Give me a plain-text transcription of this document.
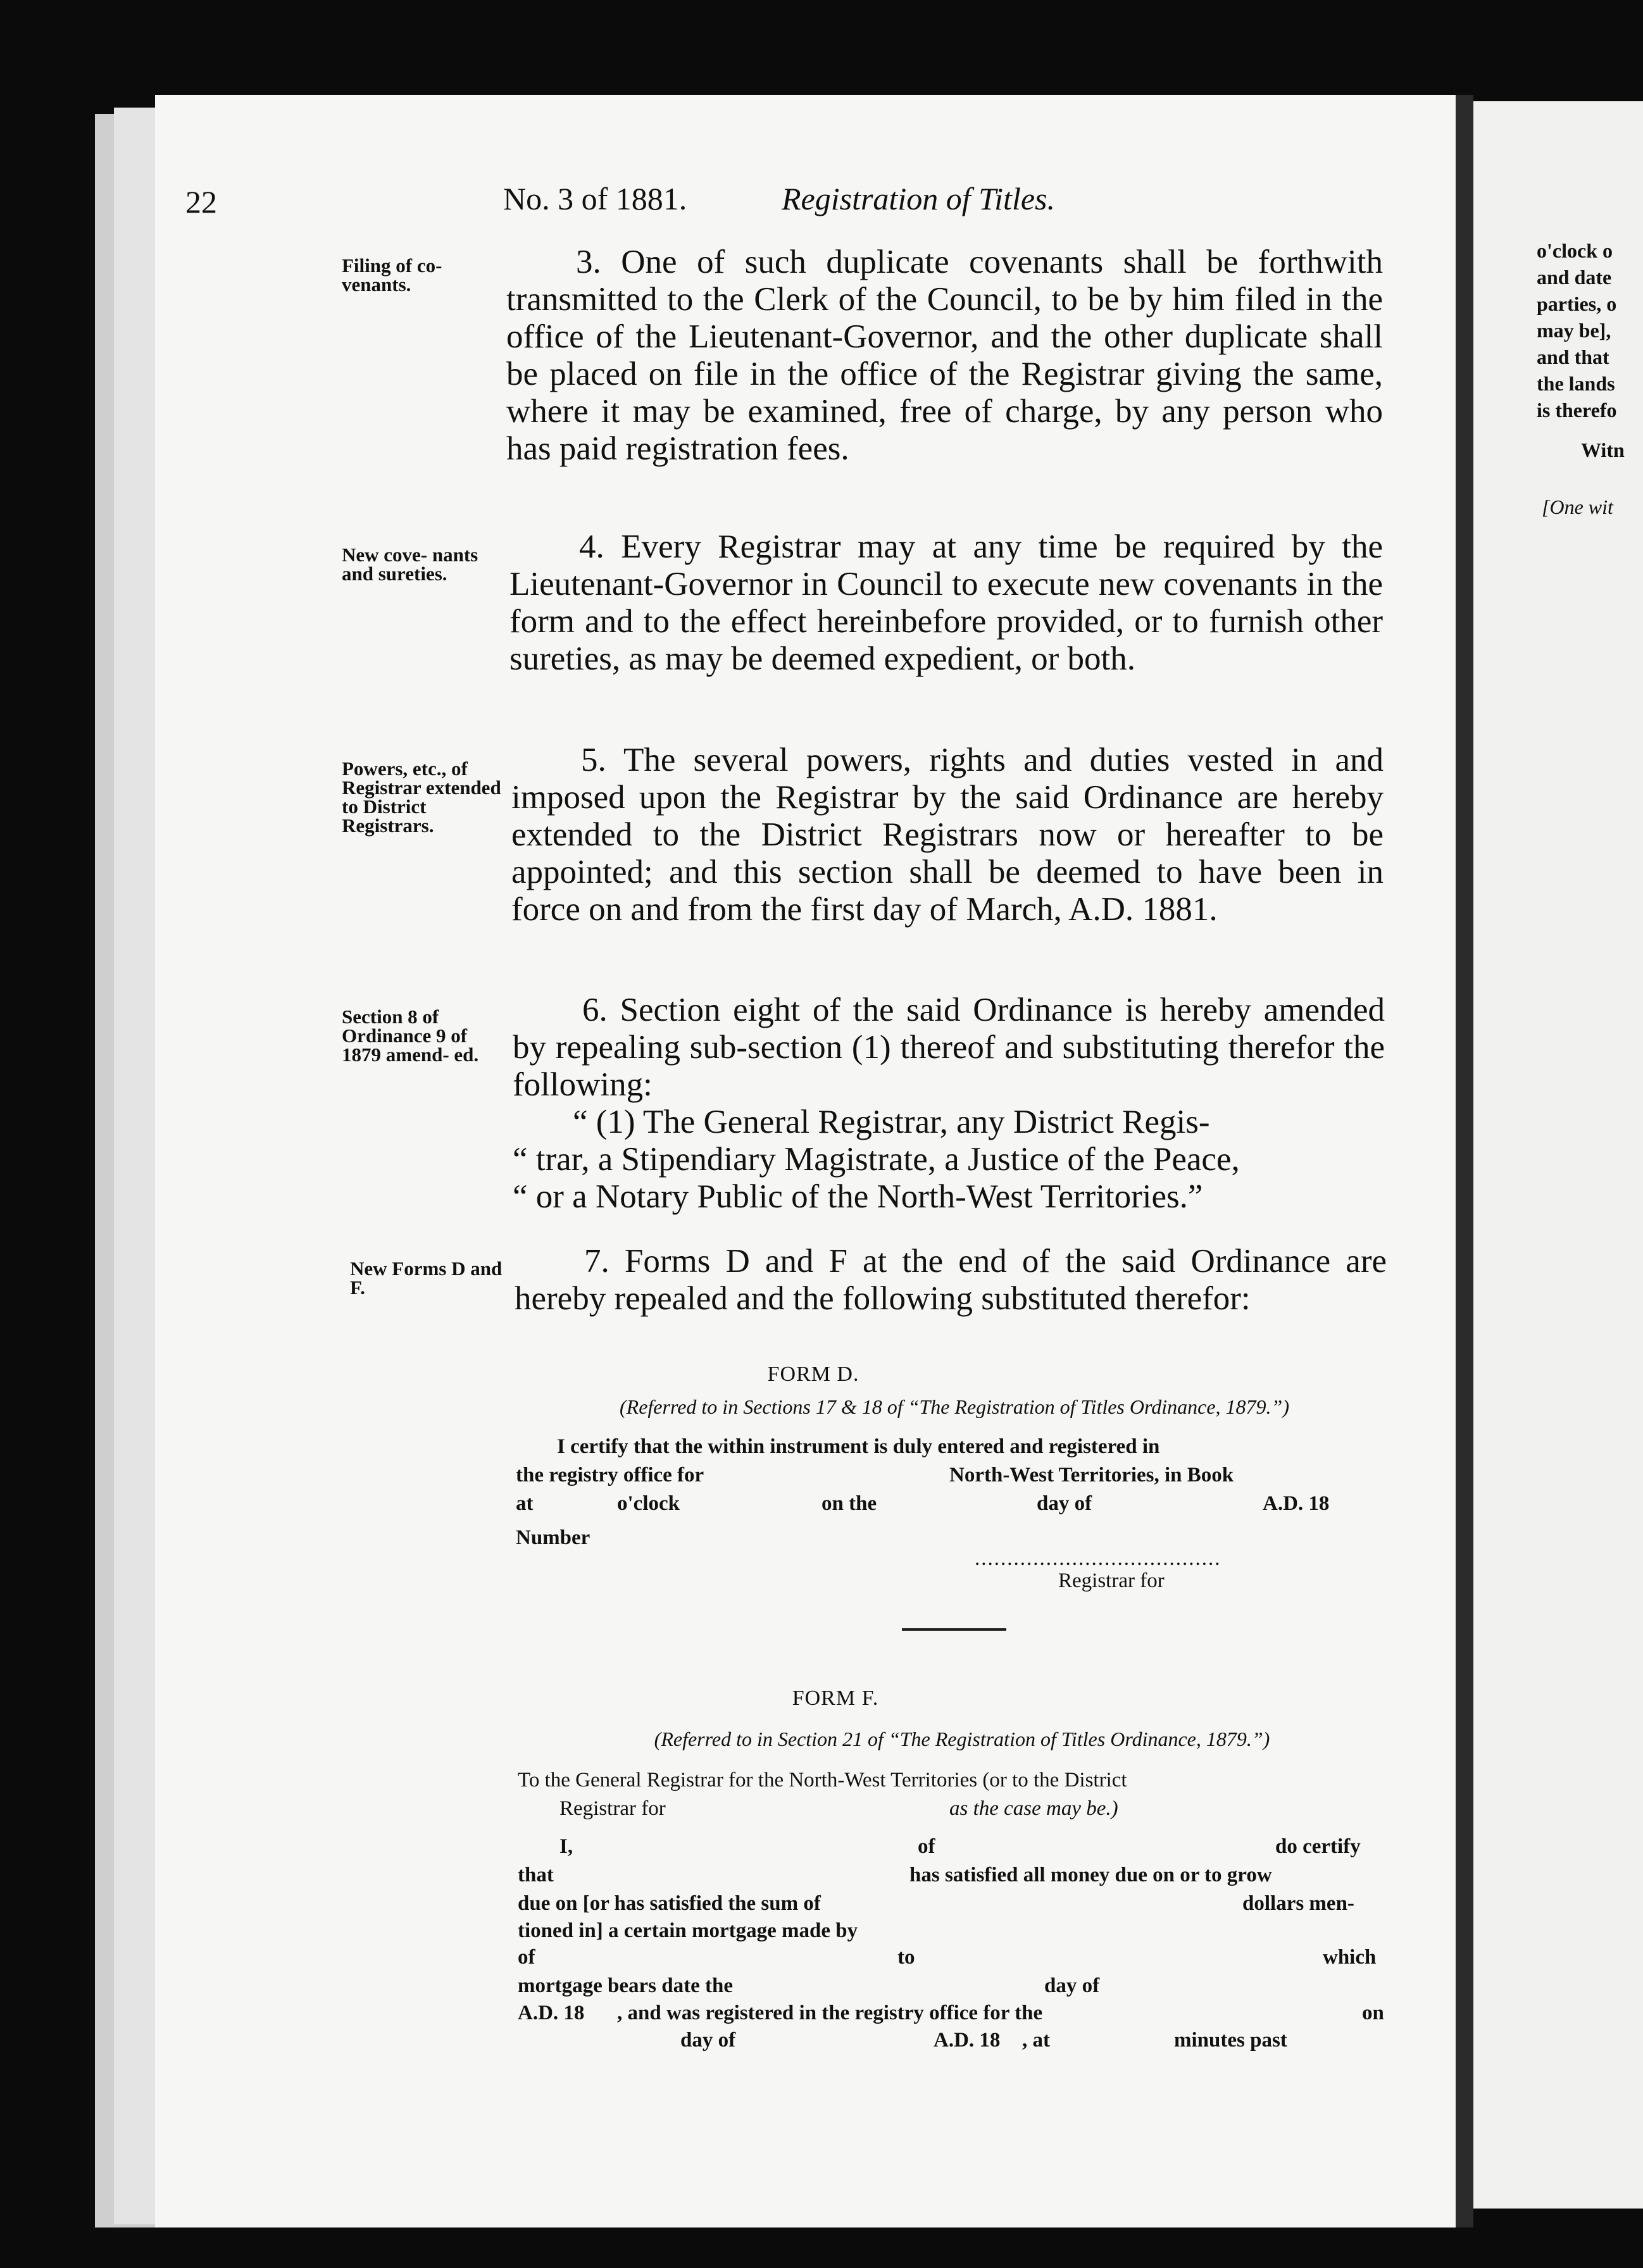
o'clock o
and date
parties, o
may be],
and that
the lands
is therefo
Witn
[One wit
22	No. 3 of 1881.	Registration of Titles.
Filing of co- venants.

3. One of such duplicate covenants shall be forthwith transmitted to the Clerk of the Council, to be by him filed in the office of the Lieutenant-Governor, and the other duplicate shall be placed on file in the office of the Registrar giving the same, where it may be examined, free of charge, by any person who has paid registration fees.

New cove- nants and sureties.

4. Every Registrar may at any time be required by the Lieutenant-Governor in Council to execute new covenants in the form and to the effect hereinbefore provided, or to furnish other sureties, as may be deemed expedient, or both.

Powers, etc., of Registrar extended to District Registrars.

5. The several powers, rights and duties vested in and imposed upon the Registrar by the said Ordinance are hereby extended to the District Registrars now or hereafter to be appointed; and this section shall be deemed to have been in force on and from the first day of March, A.D. 1881.

Section 8 of Ordinance 9 of 1879 amend- ed.

6. Section eight of the said Ordinance is hereby amended by repealing sub-section (1) thereof and substituting therefor the following:

“ (1) The General Registrar, any District Regis-

“ trar, a Stipendiary Magistrate, a Justice of the Peace,

“ or a Notary Public of the North-West Territories.”

New Forms D and F.

7. Forms D and F at the end of the said Ordinance are hereby repealed and the following substituted therefor:

FORM D.
(Referred to in Sections 17 & 18 of “The Registration of Titles Ordinance, 1879.”)
I certify that the within instrument is duly entered and registered in
the registry office for	North-West Territories, in Book
at	o'clock	on the	day of	A.D. 18
Number
......................................
Registrar for
FORM F.
(Referred to in Section 21 of “The Registration of Titles Ordinance, 1879.”)
To the General Registrar for the North-West Territories (or to the District
Registrar for	as the case may be.)
I,	of	do certify
that	has satisfied all money due on or to grow
due on [or has satisfied the sum of	dollars men-
tioned in] a certain mortgage made by
of	to	which
mortgage bears date the	day of
A.D. 18 , and was registered in the registry office for the	on
day of	A.D. 18 , at	minutes past
